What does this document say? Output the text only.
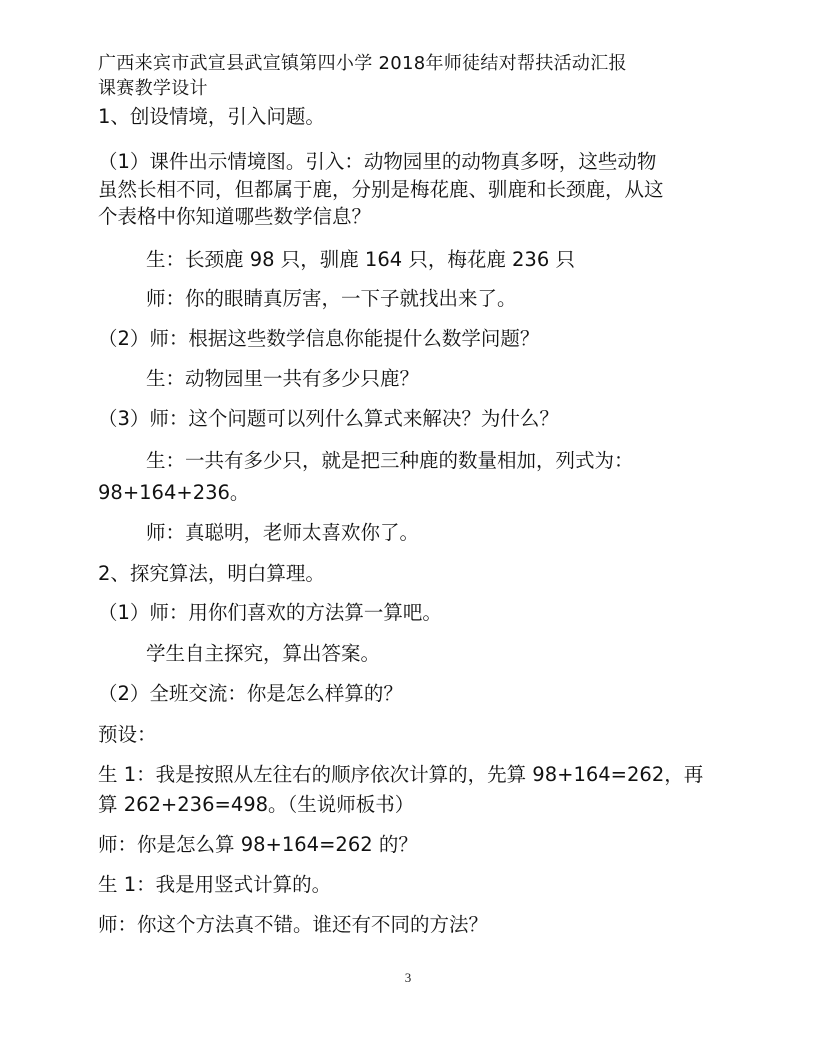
广西来宾市武宣县武宣镇第四小学 2018年师徒结对帮扶活动汇报
课赛教学设计
1、创设情境，引入问题。
（1）课件出示情境图。引入：动物园里的动物真多呀，这些动物
虽然长相不同，但都属于鹿，分别是梅花鹿、驯鹿和长颈鹿，从这
个表格中你知道哪些数学信息？
生：长颈鹿 98 只，驯鹿 164 只，梅花鹿 236 只
师：你的眼睛真厉害，一下子就找出来了。
（2）师：根据这些数学信息你能提什么数学问题？
生：动物园里一共有多少只鹿？
（3）师：这个问题可以列什么算式来解决？为什么？
生：一共有多少只，就是把三种鹿的数量相加，列式为：
98+164+236。
师：真聪明，老师太喜欢你了。
2、探究算法，明白算理。
（1）师：用你们喜欢的方法算一算吧。
学生自主探究，算出答案。
（2）全班交流：你是怎么样算的？
预设：
生 1：我是按照从左往右的顺序依次计算的，先算 98+164=262，再
算 262+236=498。（生说师板书）
师：你是怎么算 98+164=262 的？
生 1：我是用竖式计算的。
师：你这个方法真不错。谁还有不同的方法？
3
